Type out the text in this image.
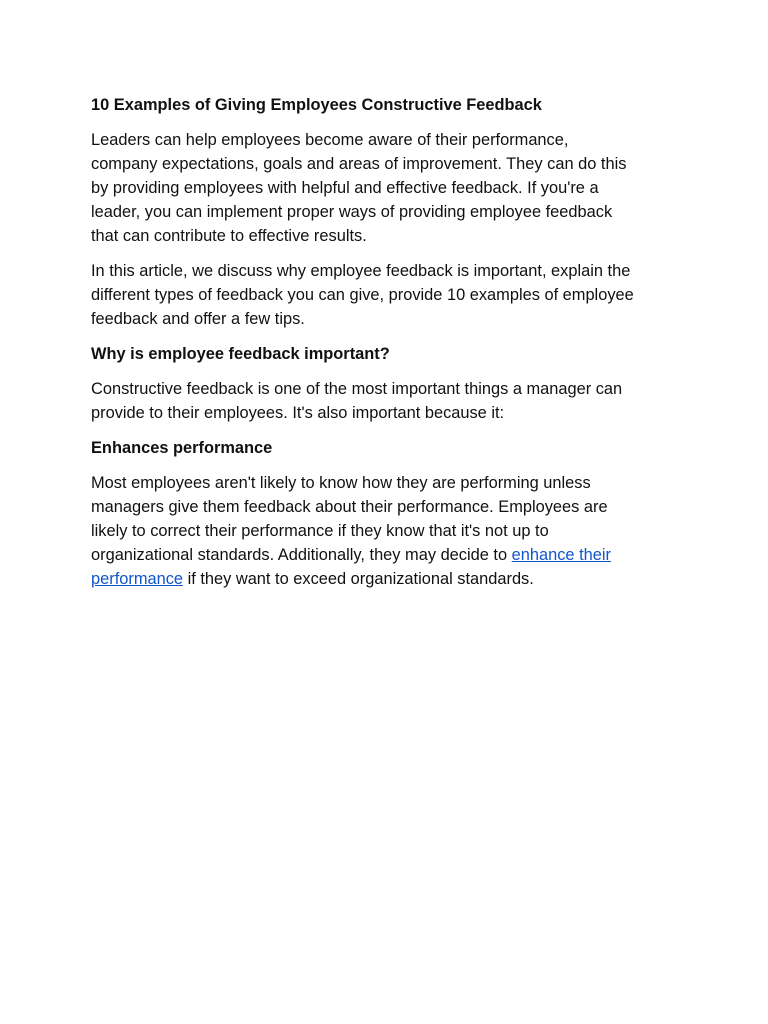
10 Examples of Giving Employees Constructive Feedback
Leaders can help employees become aware of their performance,
company expectations, goals and areas of improvement. They can do this
by providing employees with helpful and effective feedback. If you're a
leader, you can implement proper ways of providing employee feedback
that can contribute to effective results.
In this article, we discuss why employee feedback is important, explain the
different types of feedback you can give, provide 10 examples of employee
feedback and offer a few tips.
Why is employee feedback important?
Constructive feedback is one of the most important things a manager can
provide to their employees. It's also important because it:
Enhances performance
Most employees aren't likely to know how they are performing unless
managers give them feedback about their performance. Employees are
likely to correct their performance if they know that it's not up to
organizational standards. Additionally, they may decide to enhance their
performance if they want to exceed organizational standards.
